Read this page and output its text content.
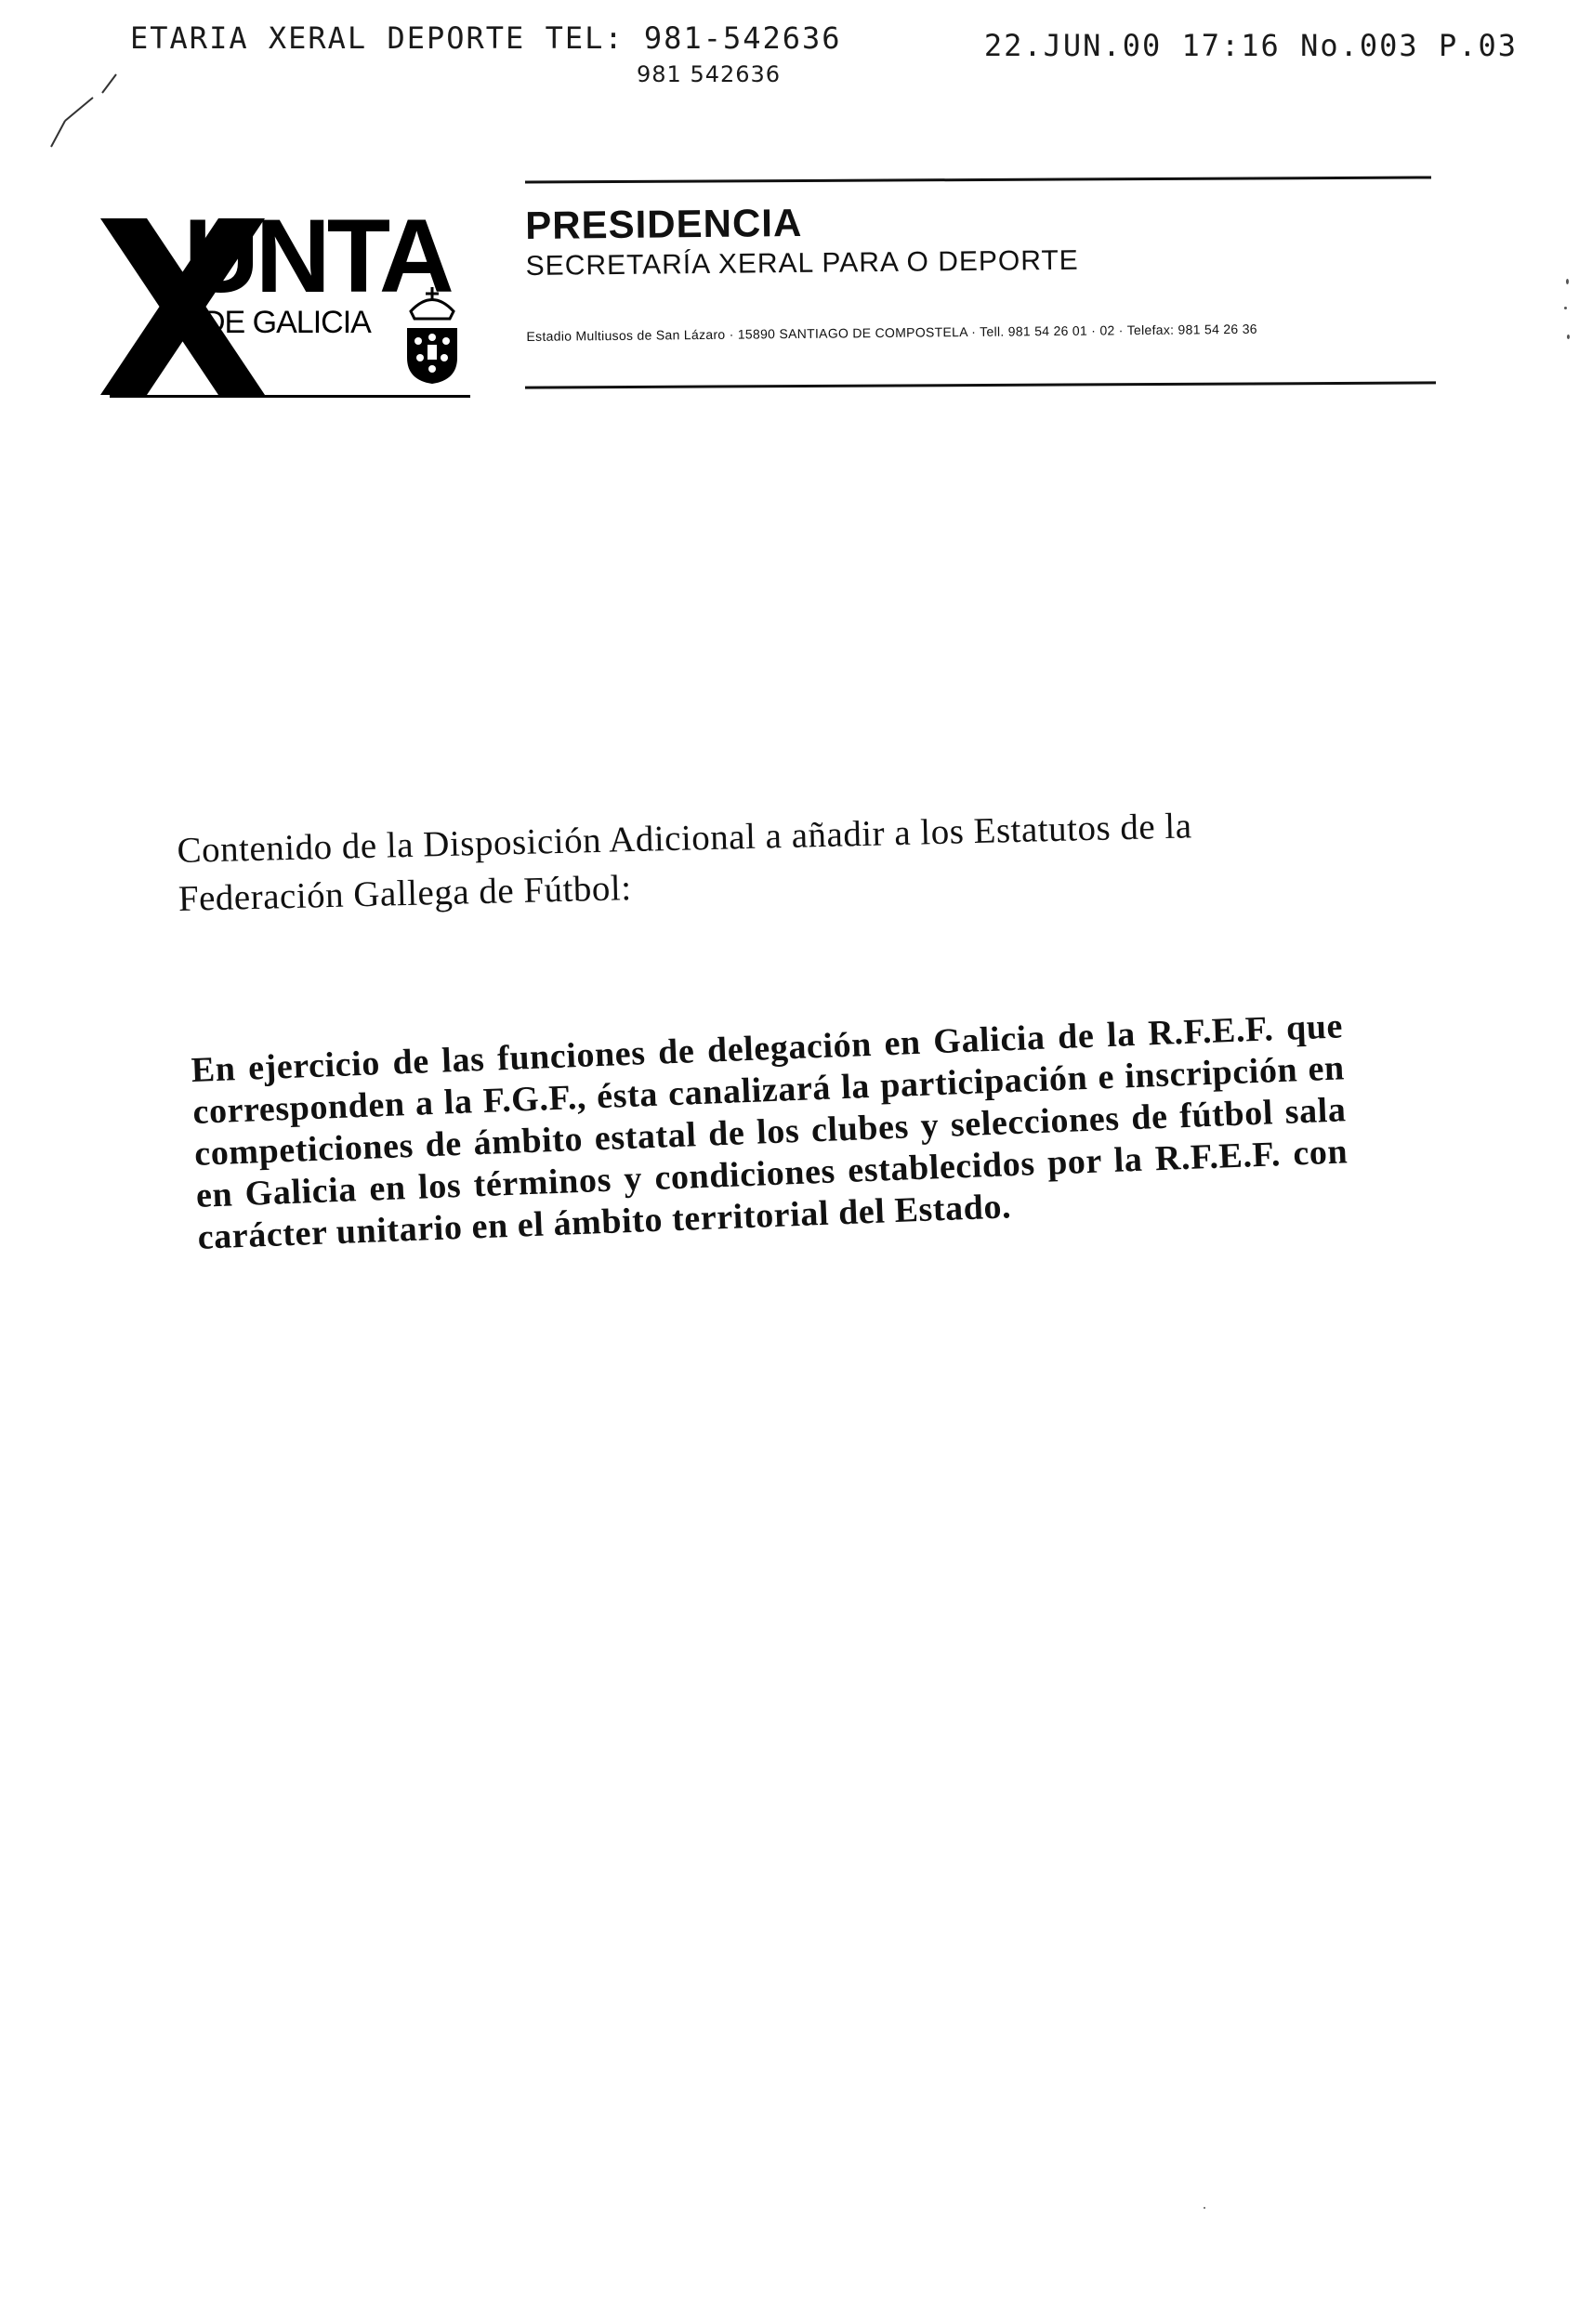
ETARIA XERAL DEPORTE TEL: 981-542636	22.JUN.00 17:16 No.003 P.03
981 542636
UNTA
DE GALICIA

PRESIDENCIA

SECRETARÍA XERAL PARA O DEPORTE

Estadio Multiusos de San Lázaro · 15890 SANTIAGO DE COMPOSTELA · Tell. 981 54 26 01 · 02 · Telefax: 981 54 26 36

Contenido de la Disposición Adicional a añadir a los Estatutos de la Federación Gallega de Fútbol:

En ejercicio de las funciones de delegación en Galicia de la R.F.E.F. que corresponden a la F.G.F., ésta canalizará la participación e inscripción en competiciones de ámbito estatal de los clubes y selecciones de fútbol sala en Galicia en los términos y condiciones establecidos por la R.F.E.F. con carácter unitario en el ámbito territorial del Estado.
